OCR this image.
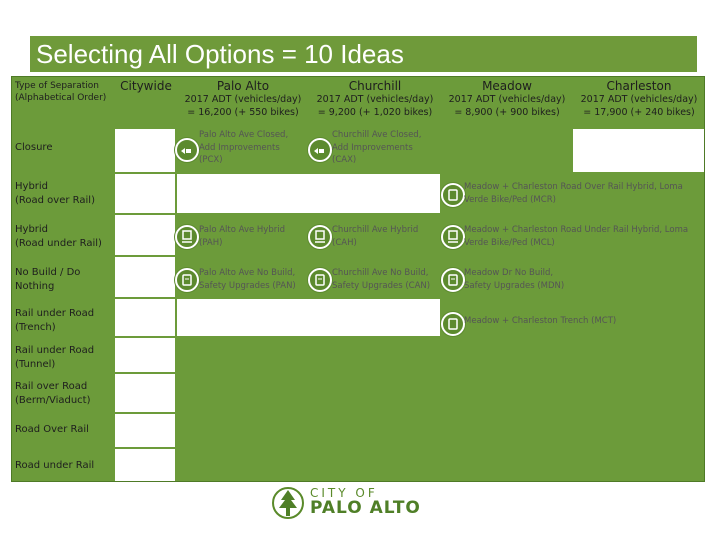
Selecting All Options = 10 Ideas
Type of Separation
(Alphabetical Order)
Citywide	Palo Alto
2017 ADT (vehicles/day)
= 16,200 (+ 550 bikes)
Churchill
2017 ADT (vehicles/day)
= 9,200 (+ 1,020 bikes)
Meadow
2017 ADT (vehicles/day)
= 8,900 (+ 900 bikes)
Charleston
2017 ADT (vehicles/day)
= 17,900 (+ 240 bikes)
Closure
Hybrid
(Road over Rail)
Hybrid
(Road under Rail)
No Build / Do
Nothing
Rail under Road
(Trench)
Rail under Road
(Tunnel)
Rail over Road
(Berm/Viaduct)
Road Over Rail
Road under Rail
Palo Alto Ave Closed,
Add Improvements
(PCX)
Churchill Ave Closed,
Add Improvements
(CAX)
Meadow + Charleston Road Over Rail Hybrid, Loma
Verde Bike/Ped (MCR)
Palo Alto Ave Hybrid
(PAH)
Churchill Ave Hybrid
(CAH)
Meadow + Charleston Road Under Rail Hybrid, Loma
Verde Bike/Ped (MCL)
Palo Alto Ave No Build,
Safety Upgrades (PAN)
Churchill Ave No Build,
Safety Upgrades (CAN)
Meadow Dr No Build,
Safety Upgrades (MDN)
Meadow + Charleston Trench (MCT)
CITY OF
PALO ALTO
